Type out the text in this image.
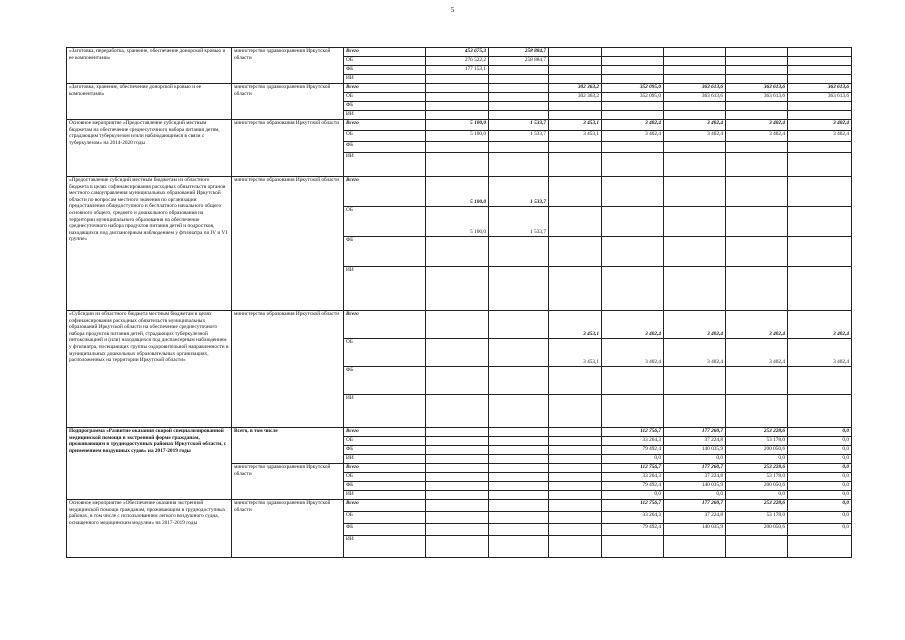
5
«Заготовка, переработка, хранение, обеспечение донорской кровью и ее компонентами»	министерство здравоохранения Иркутской области	Всего	453 675,3	258 884,7					
		ОБ	276 522,2	258 884,7					
		ФБ	177 153,1						
		ИИ							
«Заготовка, хранение, обеспечение донорской кровью и ее компонентами»	министерство здравоохранения Иркутской области	Всего			302 363,2	352 095,0	363 613,6	363 613,6	363 613,6
		ОБ			302 363,2	352 095,0	363 613,6	363 613,6	363 613,6
		ФБ							
		ИИ							
Основное мероприятие «Предоставление субсидий местным бюджетам на обеспечение среднесуточного набора питания детям, страдающим туберкулезом и/или наблюдающимся в связи с туберкулезом» на 2014-2020 годы	министерство образования Иркутской области	Всего	5 100,0	1 533,7	3 453,1	3 402,4	3 402,4	3 402,4	3 402,4
		ОБ	5 100,0	1 533,7	3 453,1	3 402,4	3 402,4	3 402,4	3 402,4
		ФБ							
		ИИ							
«Предоставление субсидий местным бюджетам из областного бюджета в целях софинансирования расходных обязательств органов местного самоуправления муниципальных образований Иркутской области по вопросам местного значения по организации предоставления общедоступного и бесплатного начального общего основного общего, среднего и дошкольного образования на территории муниципального образования на обеспечение среднесуточного набора продуктов питания детей и подростков, находящихся под диспансерным наблюдением у фтизиатра по IV и VI группе»	министерство образования Иркутской области	Всего	5 100,0	1 533,7					
		ОБ	5 100,0	1 533,7					
		ФБ							
		ИИ							
«Субсидии из областного бюджета местным бюджетам в целях софинансирования расходных обязательств муниципальных образований Иркутской области на обеспечение среднесуточного набора продуктов питания детей, страдающих туберкулезной интоксикацией и (или) находящихся под диспансерным наблюдением у фтизиатра, посещающих группы оздоровительной направленности в муниципальных дошкольных образовательных организациях, расположенных на территории Иркутской области»	министерство образования Иркутской области	Всего			3 453,1	3 402,4	3 402,4	3 402,4	3 402,4
		ОБ			3 453,1	3 402,4	3 402,4	3 402,4	3 402,4
		ФБ							
		ИИ							
Подпрограмма «Развитие оказания скорой специализированной медицинской помощи в экстренной форме гражданам, проживающим в труднодоступных районах Иркутской области, с применением воздушных судов» на 2017-2019 годы	Всего, в том числе	Всего				112 756,7	177 260,7	253 228,6	0,0
		ОБ				33 264,3	37 224,8	53 178,0	0,0
		ФБ				79 492,4	140 035,9	200 050,6	0,0
		ИИ				0,0	0,0	0,0	0,0
	министерство здравоохранения Иркутской области	Всего				112 756,7	177 260,7	253 228,6	0,0
		ОБ				33 264,3	37 224,8	53 178,0	0,0
		ФБ				79 492,4	140 035,9	200 050,6	0,0
		ИИ				0,0	0,0	0,0	0,0
Основное мероприятие «Обеспечение оказания экстренной медицинской помощи гражданам, проживающим в труднодоступных районах, в том числе с использованием легкого воздушного судна, оснащенного медицинским модулем» на 2017-2019 годы	министерство здравоохранения Иркутской области	Всего				112 756,7	177 260,7	253 228,6	0,0
		ОБ				33 264,3	37 224,8	53 178,0	0,0
		ФБ				79 492,4	140 035,9	200 050,6	0,0
		ИИ							
